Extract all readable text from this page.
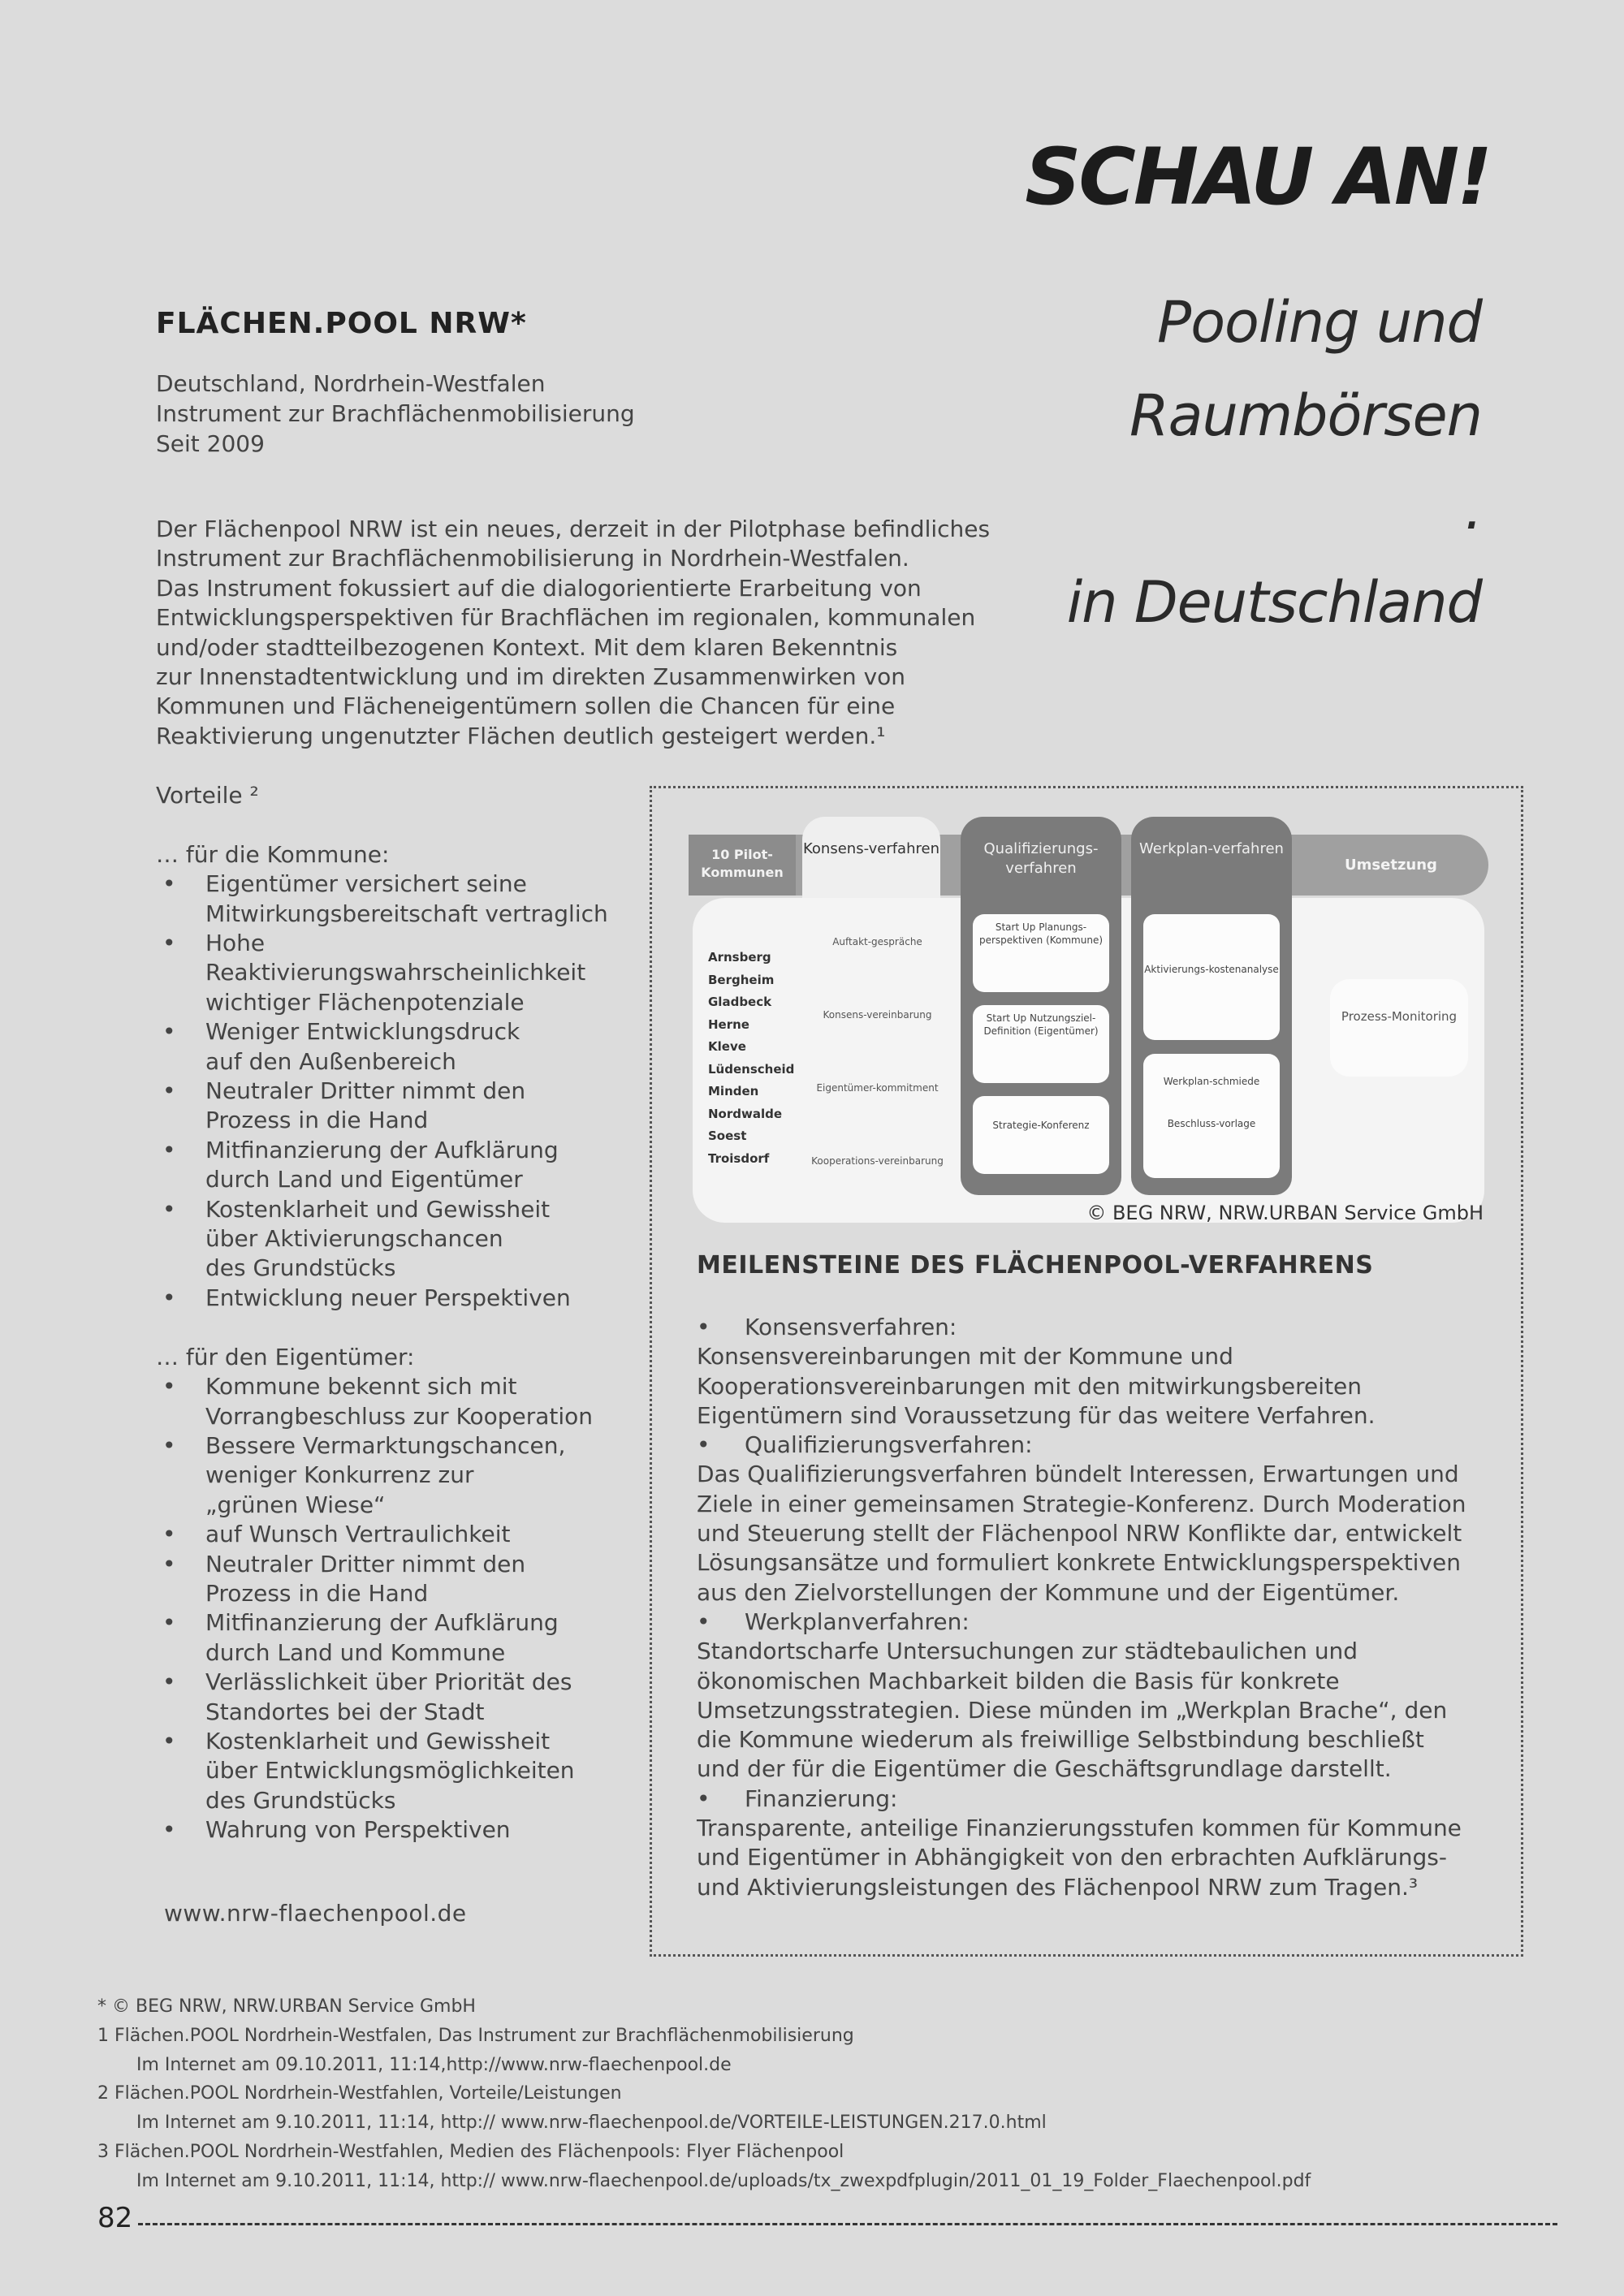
SCHAU AN!
Pooling und
Raumbörsen
.
in Deutschland
FLÄCHEN.POOL NRW*
Deutschland, Nordrhein-Westfalen
Instrument zur Brachflächenmobilisierung
Seit 2009
Der Flächenpool NRW ist ein neues, derzeit in der Pilotphase befindliches
Instrument zur Brachflächenmobilisierung in Nordrhein-Westfalen.
Das Instrument fokussiert auf die dialogorientierte Erarbeitung von
Entwicklungsperspektiven für Brachflächen im regionalen, kommunalen
und/oder stadtteilbezogenen Kontext. Mit dem klaren Bekenntnis
zur Innenstadtentwicklung und im direkten Zusammenwirken von
Kommunen und Flächeneigentümern sollen die Chancen für eine
Reaktivierung ungenutzter Flächen deutlich gesteigert werden.¹
Vorteile ²
… für die Kommune:
• Eigentümer versichert seine
Mitwirkungsbereitschaft vertraglich
• Hohe
Reaktivierungswahrscheinlichkeit
wichtiger Flächenpotenziale
• Weniger Entwicklungsdruck
auf den Außenbereich
• Neutraler Dritter nimmt den
Prozess in die Hand
• Mitfinanzierung der Aufklärung
durch Land und Eigentümer
• Kostenklarheit und Gewissheit
über Aktivierungschancen
des Grundstücks
• Entwicklung neuer Perspektiven
… für den Eigentümer:
• Kommune bekennt sich mit
Vorrangbeschluss zur Kooperation
• Bessere Vermarktungschancen,
weniger Konkurrenz zur
„grünen Wiese“
• auf Wunsch Vertraulichkeit
• Neutraler Dritter nimmt den
Prozess in die Hand
• Mitfinanzierung der Aufklärung
durch Land und Kommune
• Verlässlichkeit über Priorität des
Standortes bei der Stadt
• Kostenklarheit und Gewissheit
über Entwicklungsmöglichkeiten
des Grundstücks
• Wahrung von Perspektiven
www.nrw-flaechenpool.de
10 Pilot-Kommunen
Konsens-verfahren	Qualifizierungs-verfahren
Werkplan-verfahren
Umsetzung
Arnsberg
Bergheim
Gladbeck
Herne
Kleve
Lüdenscheid
Minden
Nordwalde
Soest
Troisdorf
Auftakt-gespräche
Konsens-vereinbarung
Eigentümer-kommitment
Kooperations-vereinbarung
Start Up Planungs-perspektiven (Kommune)
Start Up Nutzungsziel-Definition (Eigentümer)
Strategie-Konferenz
Aktivierungs-kostenanalyse
Werkplan-schmiede
Beschluss-vorlage
Prozess-Monitoring
© BEG NRW, NRW.URBAN Service GmbH
MEILENSTEINE DES FLÄCHENPOOL-VERFAHRENS
• Konsensverfahren:
Konsensvereinbarungen mit der Kommune und
Kooperationsvereinbarungen mit den mitwirkungsbereiten
Eigentümern sind Voraussetzung für das weitere Verfahren.
• Qualifizierungsverfahren:
Das Qualifizierungsverfahren bündelt Interessen, Erwartungen und
Ziele in einer gemeinsamen Strategie-Konferenz. Durch Moderation
und Steuerung stellt der Flächenpool NRW Konflikte dar, entwickelt
Lösungsansätze und formuliert konkrete Entwicklungsperspektiven
aus den Zielvorstellungen der Kommune und der Eigentümer.
• Werkplanverfahren:
Standortscharfe Untersuchungen zur städtebaulichen und
ökonomischen Machbarkeit bilden die Basis für konkrete
Umsetzungsstrategien. Diese münden im „Werkplan Brache“, den
die Kommune wiederum als freiwillige Selbstbindung beschließt
und der für die Eigentümer die Geschäftsgrundlage darstellt.
• Finanzierung:
Transparente, anteilige Finanzierungsstufen kommen für Kommune
und Eigentümer in Abhängigkeit von den erbrachten Aufklärungs-
und Aktivierungsleistungen des Flächenpool NRW zum Tragen.³
* © BEG NRW, NRW.URBAN Service GmbH
1 Flächen.POOL Nordrhein-Westfalen, Das Instrument zur Brachflächenmobilisierung
Im Internet am 09.10.2011, 11:14,http://www.nrw-flaechenpool.de
2 Flächen.POOL Nordrhein-Westfahlen, Vorteile/Leistungen
Im Internet am 9.10.2011, 11:14, http:// www.nrw-flaechenpool.de/VORTEILE-LEISTUNGEN.217.0.html
3 Flächen.POOL Nordrhein-Westfahlen, Medien des Flächenpools: Flyer Flächenpool
Im Internet am 9.10.2011, 11:14, http:// www.nrw-flaechenpool.de/uploads/tx_zwexpdfplugin/2011_01_19_Folder_Flaechenpool.pdf
82
